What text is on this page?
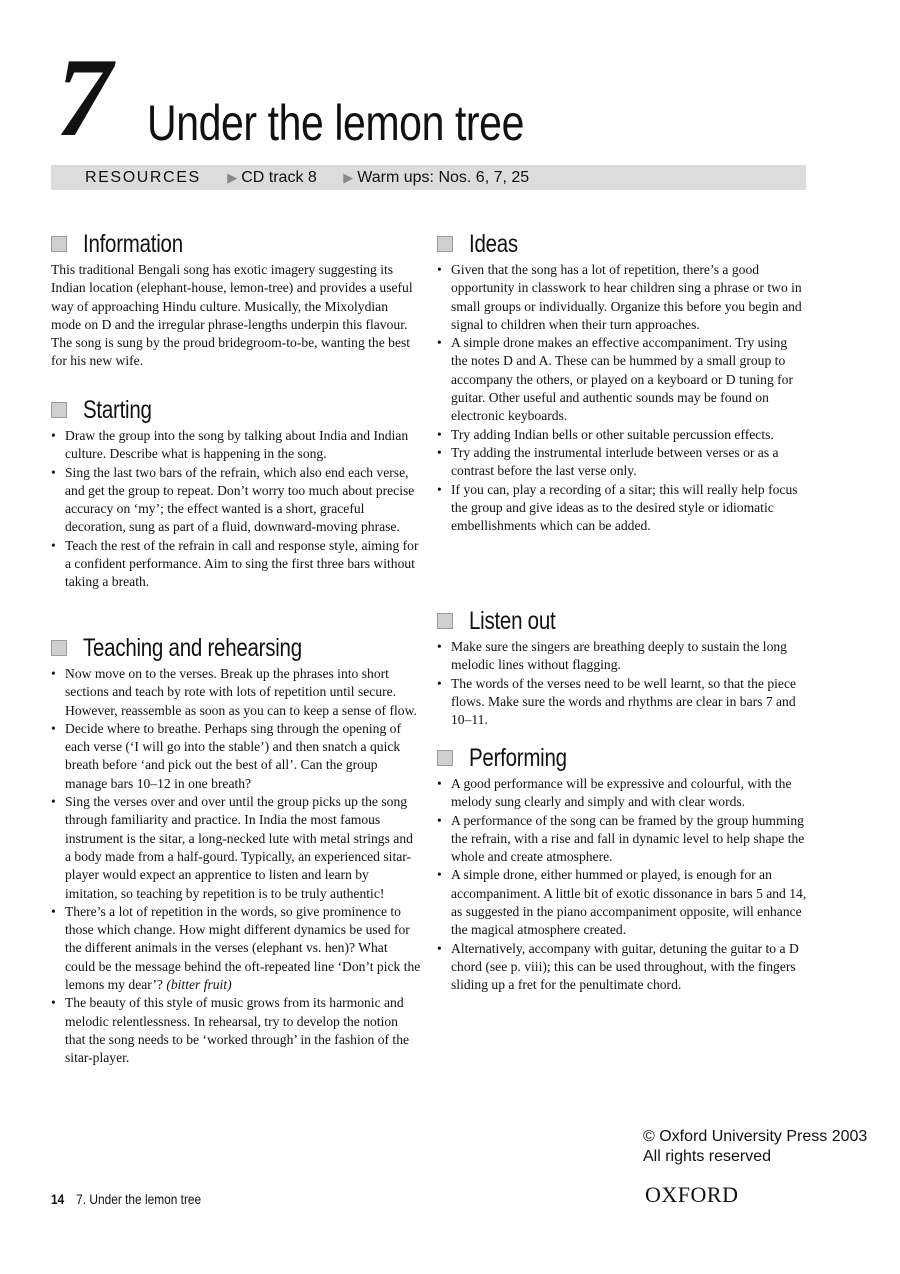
7 Under the lemon tree
RESOURCES ▶ CD track 8 ▶ Warm ups: Nos. 6, 7, 25
Information

This traditional Bengali song has exotic imagery suggesting its Indian location (elephant-house, lemon-tree) and provides a useful way of approaching Hindu culture. Musically, the Mixolydian mode on D and the irregular phrase-lengths underpin this flavour. The song is sung by the proud bridegroom-to-be, wanting the best for his new wife.

Starting
• Draw the group into the song by talking about India and Indian culture. Describe what is happening in the song.
• Sing the last two bars of the refrain, which also end each verse, and get the group to repeat. Don’t worry too much about precise accuracy on ‘my’; the effect wanted is a short, graceful decoration, sung as part of a fluid, downward-moving phrase.
• Teach the rest of the refrain in call and response style, aiming for a confident performance. Aim to sing the first three bars without taking a breath.
Teaching and rehearsing
• Now move on to the verses. Break up the phrases into short sections and teach by rote with lots of repetition until secure. However, reassemble as soon as you can to keep a sense of flow.
• Decide where to breathe. Perhaps sing through the opening of each verse (‘I will go into the stable’) and then snatch a quick breath before ‘and pick out the best of all’. Can the group manage bars 10–12 in one breath?
• Sing the verses over and over until the group picks up the song through familiarity and practice. In India the most famous instrument is the sitar, a long-necked lute with metal strings and a body made from a half-gourd. Typically, an experienced sitar-player would expect an apprentice to listen and learn by imitation, so teaching by repetition is to be truly authentic!
• There’s a lot of repetition in the words, so give prominence to those which change. How might different dynamics be used for the different animals in the verses (elephant vs. hen)? What could be the message behind the oft-repeated line ‘Don’t pick the lemons my dear’? (bitter fruit)
• The beauty of this style of music grows from its harmonic and melodic relentlessness. In rehearsal, try to develop the notion that the song needs to be ‘worked through’ in the fashion of the sitar-player.
Ideas
• Given that the song has a lot of repetition, there’s a good opportunity in classwork to hear children sing a phrase or two in small groups or individually. Organize this before you begin and signal to children when their turn approaches.
• A simple drone makes an effective accompaniment. Try using the notes D and A. These can be hummed by a small group to accompany the others, or played on a keyboard or D tuning for guitar. Other useful and authentic sounds may be found on electronic keyboards.
• Try adding Indian bells or other suitable percussion effects.
• Try adding the instrumental interlude between verses or as a contrast before the last verse only.
• If you can, play a recording of a sitar; this will really help focus the group and give ideas as to the desired style or idiomatic embellishments which can be added.
Listen out
• Make sure the singers are breathing deeply to sustain the long melodic lines without flagging.
• The words of the verses need to be well learnt, so that the piece flows. Make sure the words and rhythms are clear in bars 7 and 10–11.
Performing
• A good performance will be expressive and colourful, with the melody sung clearly and simply and with clear words.
• A performance of the song can be framed by the group humming the refrain, with a rise and fall in dynamic level to help shape the whole and create atmosphere.
• A simple drone, either hummed or played, is enough for an accompaniment. A little bit of exotic dissonance in bars 5 and 14, as suggested in the piano accompaniment opposite, will enhance the magical atmosphere created.
• Alternatively, accompany with guitar, detuning the guitar to a D chord (see p. viii); this can be used throughout, with the fingers sliding up a fret for the penultimate chord.
© Oxford University Press 2003
All rights reserved
OXFORD
14 7. Under the lemon tree
